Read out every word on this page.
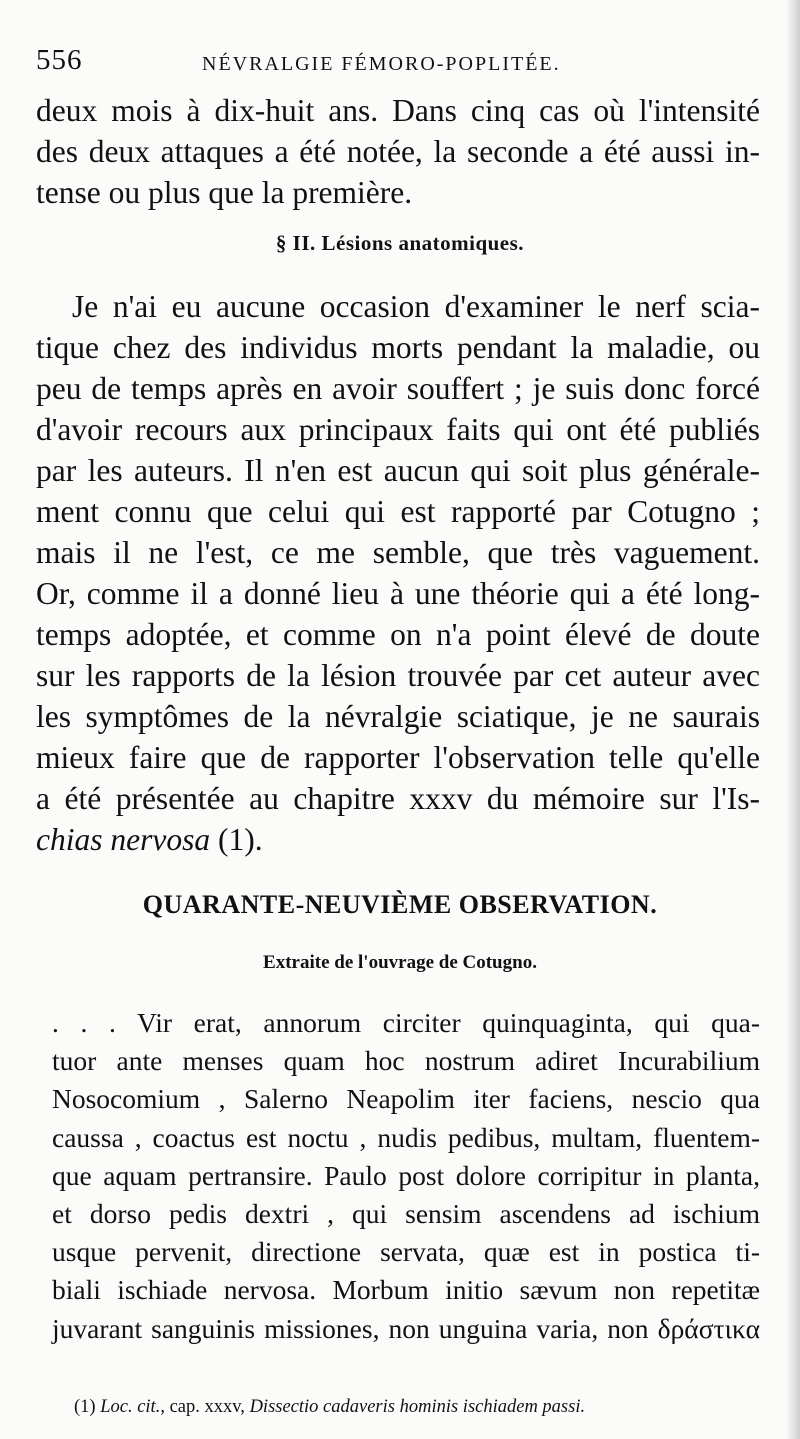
556	NÉVRALGIE FÉMORO-POPLITÉE.
deux mois à dix-huit ans. Dans cinq cas où l'intensité
des deux attaques a été notée, la seconde a été aussi in-
tense ou plus que la première.
§ II. Lésions anatomiques.
Je n'ai eu aucune occasion d'examiner le nerf scia-
tique chez des individus morts pendant la maladie, ou
peu de temps après en avoir souffert ; je suis donc forcé
d'avoir recours aux principaux faits qui ont été publiés
par les auteurs. Il n'en est aucun qui soit plus générale-
ment connu que celui qui est rapporté par Cotugno ;
mais il ne l'est, ce me semble, que très vaguement.
Or, comme il a donné lieu à une théorie qui a été long-
temps adoptée, et comme on n'a point élevé de doute
sur les rapports de la lésion trouvée par cet auteur avec
les symptômes de la névralgie sciatique, je ne saurais
mieux faire que de rapporter l'observation telle qu'elle
a été présentée au chapitre xxxv du mémoire sur l'Is-
chias nervosa (1).
QUARANTE-NEUVIÈME OBSERVATION.
Extraite de l'ouvrage de Cotugno.
. . . Vir erat, annorum circiter quinquaginta, qui qua-
tuor ante menses quam hoc nostrum adiret Incurabilium
Nosocomium , Salerno Neapolim iter faciens, nescio qua
caussa , coactus est noctu , nudis pedibus, multam, fluentem-
que aquam pertransire. Paulo post dolore corripitur in planta,
et dorso pedis dextri , qui sensim ascendens ad ischium
usque pervenit, directione servata, quæ est in postica ti-
biali ischiade nervosa. Morbum initio sævum non repetitæ
juvarant sanguinis missiones, non unguina varia, non δράστικα
(1) Loc. cit., cap. xxxv, Dissectio cadaveris hominis ischiadem passi.
